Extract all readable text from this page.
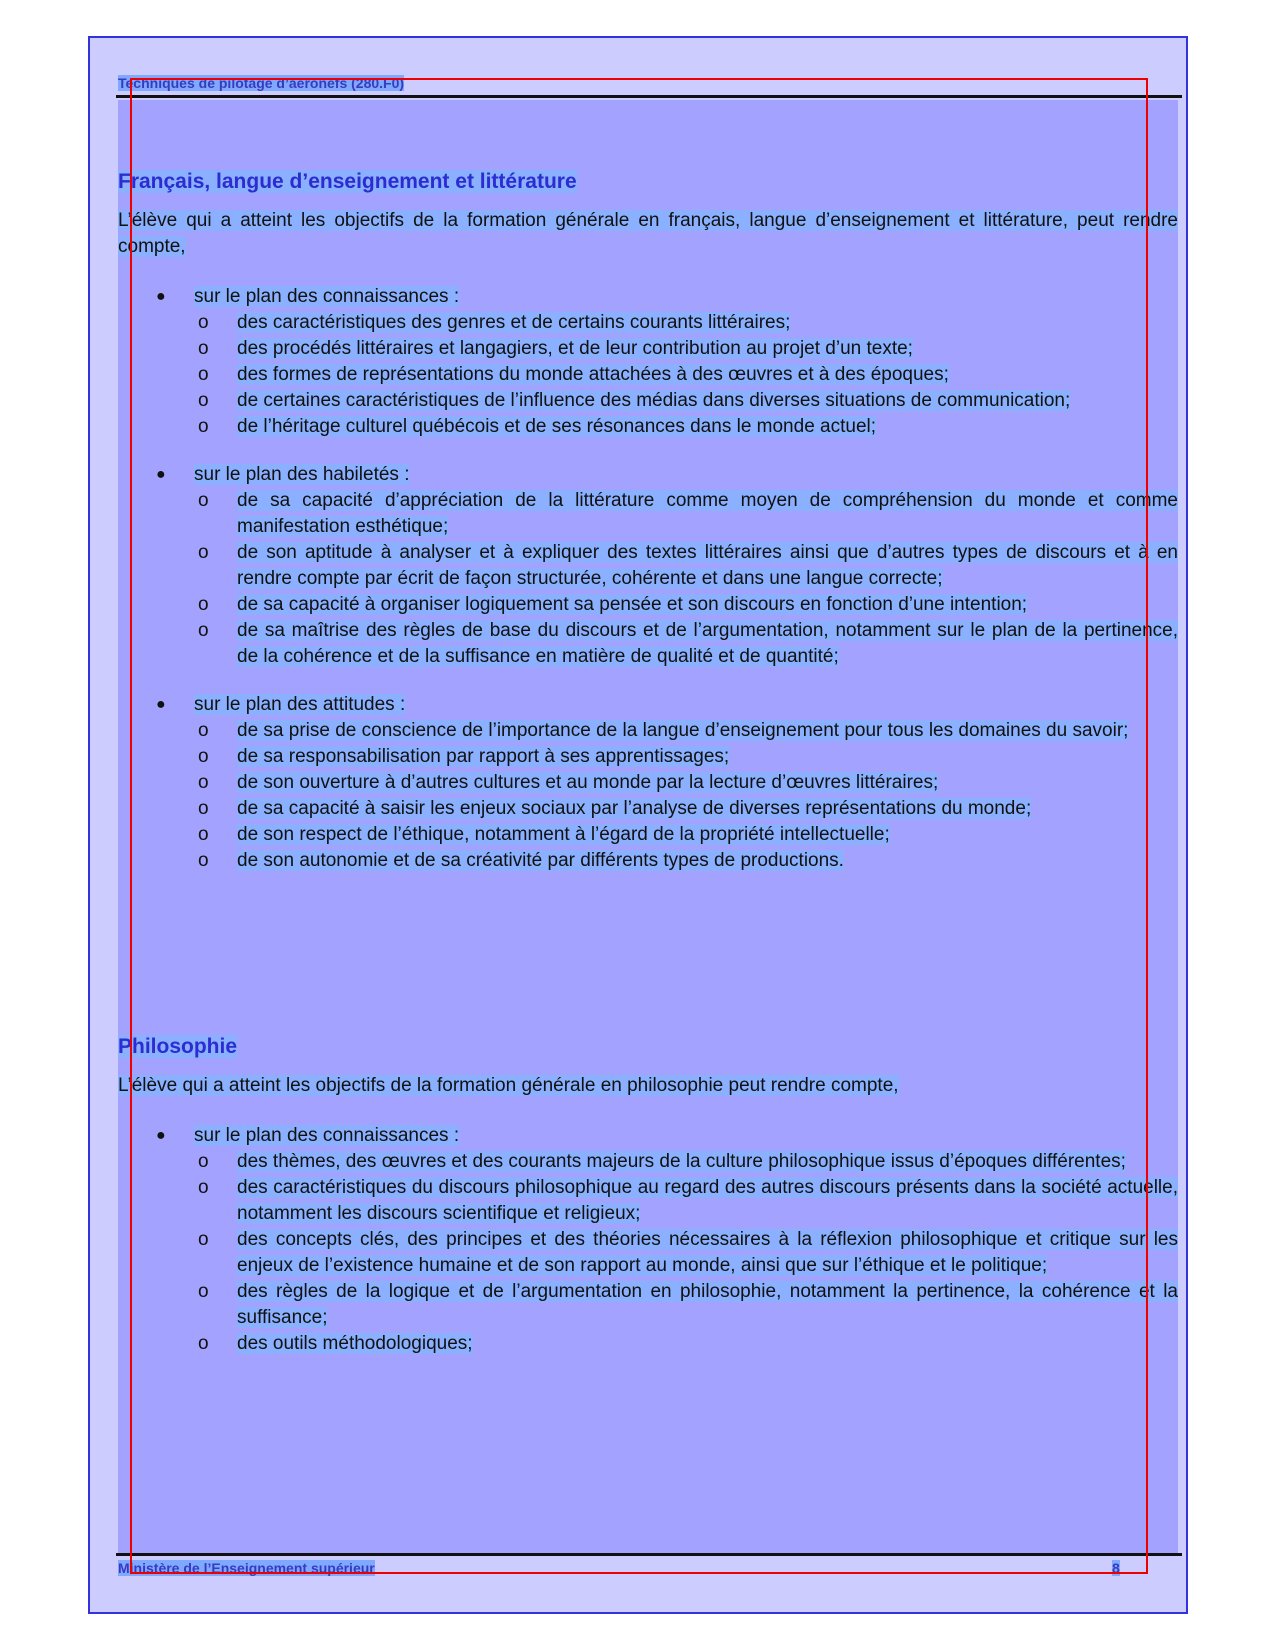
Techniques de pilotage d’aéronefs (280.F0)
Français, langue d’enseignement et littérature

L’élève qui a atteint les objectifs de la formation générale en français, langue d’enseignement et littérature, peut rendre compte,

● sur le plan des connaissances :

o des caractéristiques des genres et de certains courants littéraires;
o des procédés littéraires et langagiers, et de leur contribution au projet d’un texte;
o des formes de représentations du monde attachées à des œuvres et à des époques;
o de certaines caractéristiques de l’influence des médias dans diverses situations de communication;
o de l’héritage culturel québécois et de ses résonances dans le monde actuel;

● sur le plan des habiletés :

o de sa capacité d’appréciation de la littérature comme moyen de compréhension du monde et comme manifestation esthétique;
o de son aptitude à analyser et à expliquer des textes littéraires ainsi que d’autres types de discours et à en rendre compte par écrit de façon structurée, cohérente et dans une langue correcte;
o de sa capacité à organiser logiquement sa pensée et son discours en fonction d’une intention;
o de sa maîtrise des règles de base du discours et de l’argumentation, notamment sur le plan de la pertinence, de la cohérence et de la suffisance en matière de qualité et de quantité;

● sur le plan des attitudes :

o de sa prise de conscience de l’importance de la langue d’enseignement pour tous les domaines du savoir;
o de sa responsabilisation par rapport à ses apprentissages;
o de son ouverture à d’autres cultures et au monde par la lecture d’œuvres littéraires;
o de sa capacité à saisir les enjeux sociaux par l’analyse de diverses représentations du monde;
o de son respect de l’éthique, notamment à l’égard de la propriété intellectuelle;
o de son autonomie et de sa créativité par différents types de productions.
Philosophie

L’élève qui a atteint les objectifs de la formation générale en philosophie peut rendre compte,

● sur le plan des connaissances :

o des thèmes, des œuvres et des courants majeurs de la culture philosophique issus d’époques différentes;
o des caractéristiques du discours philosophique au regard des autres discours présents dans la société actuelle, notamment les discours scientifique et religieux;
o des concepts clés, des principes et des théories nécessaires à la réflexion philosophique et critique sur les enjeux de l’existence humaine et de son rapport au monde, ainsi que sur l’éthique et le politique;
o des règles de la logique et de l’argumentation en philosophie, notamment la pertinence, la cohérence et la suffisance;
o des outils méthodologiques;
Ministère de l’Enseignement supérieur	8
